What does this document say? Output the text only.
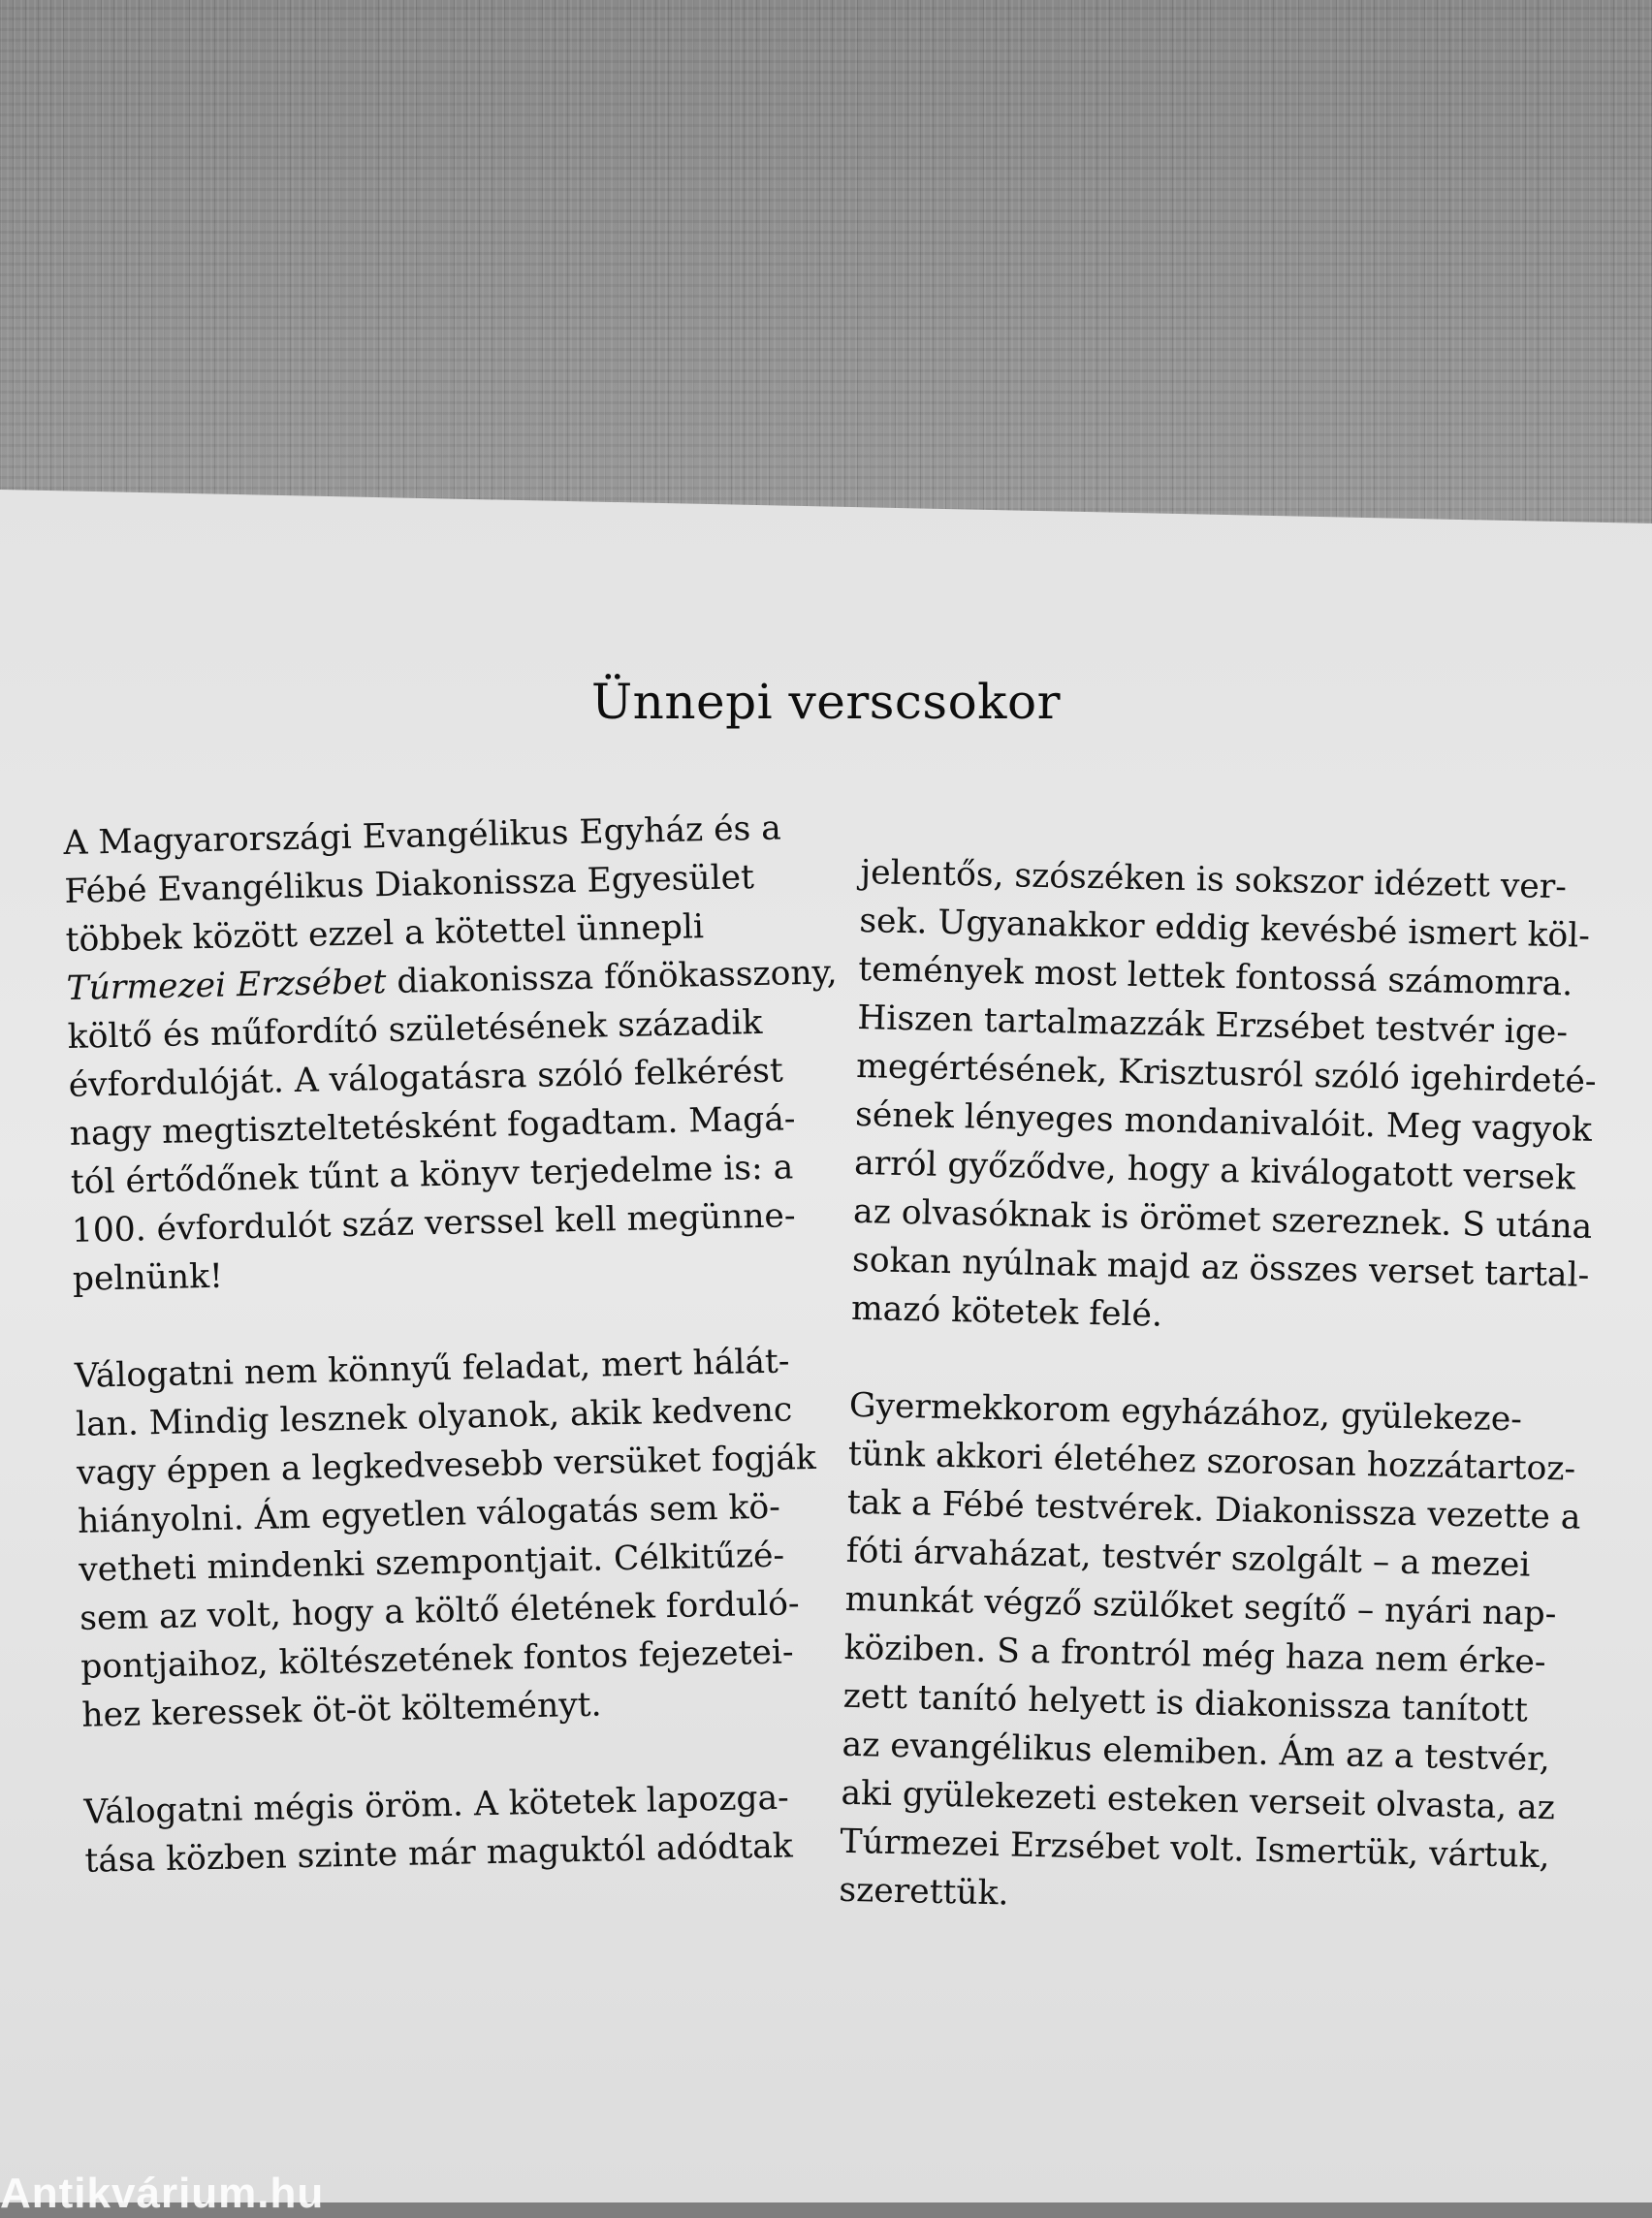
Ünnepi verscsokor
A Magyarországi Evangélikus Egyház és a
Fébé Evangélikus Diakonissza Egyesület
többek között ezzel a kötettel ünnepli
Túrmezei Erzsébet diakonissza főnökasszony,
költő és műfordító születésének századik
évfordulóját. A válogatásra szóló felkérést
nagy megtiszteltetésként fogadtam. Magá-
tól értődőnek tűnt a könyv terjedelme is: a
100. évfordulót száz verssel kell megünne-
pelnünk!
Válogatni nem könnyű feladat, mert hálát-
lan. Mindig lesznek olyanok, akik kedvenc
vagy éppen a legkedvesebb versüket fogják
hiányolni. Ám egyetlen válogatás sem kö-
vetheti mindenki szempontjait. Célkitűzé-
sem az volt, hogy a költő életének forduló-
pontjaihoz, költészetének fontos fejezetei-
hez keressek öt-öt költeményt.
Válogatni mégis öröm. A kötetek lapozga-
tása közben szinte már maguktól adódtak
jelentős, szószéken is sokszor idézett ver-
sek. Ugyanakkor eddig kevésbé ismert köl-
temények most lettek fontossá számomra.
Hiszen tartalmazzák Erzsébet testvér ige-
megértésének, Krisztusról szóló igehirdeté-
sének lényeges mondanivalóit. Meg vagyok
arról győződve, hogy a kiválogatott versek
az olvasóknak is örömet szereznek. S utána
sokan nyúlnak majd az összes verset tartal-
mazó kötetek felé.
Gyermekkorom egyházához, gyülekeze-
tünk akkori életéhez szorosan hozzátartoz-
tak a Fébé testvérek. Diakonissza vezette a
fóti árvaházat, testvér szolgált – a mezei
munkát végző szülőket segítő – nyári nap-
köziben. S a frontról még haza nem érke-
zett tanító helyett is diakonissza tanított
az evangélikus elemiben. Ám az a testvér,
aki gyülekezeti esteken verseit olvasta, az
Túrmezei Erzsébet volt. Ismertük, vártuk,
szerettük.
Antikvárium.hu
